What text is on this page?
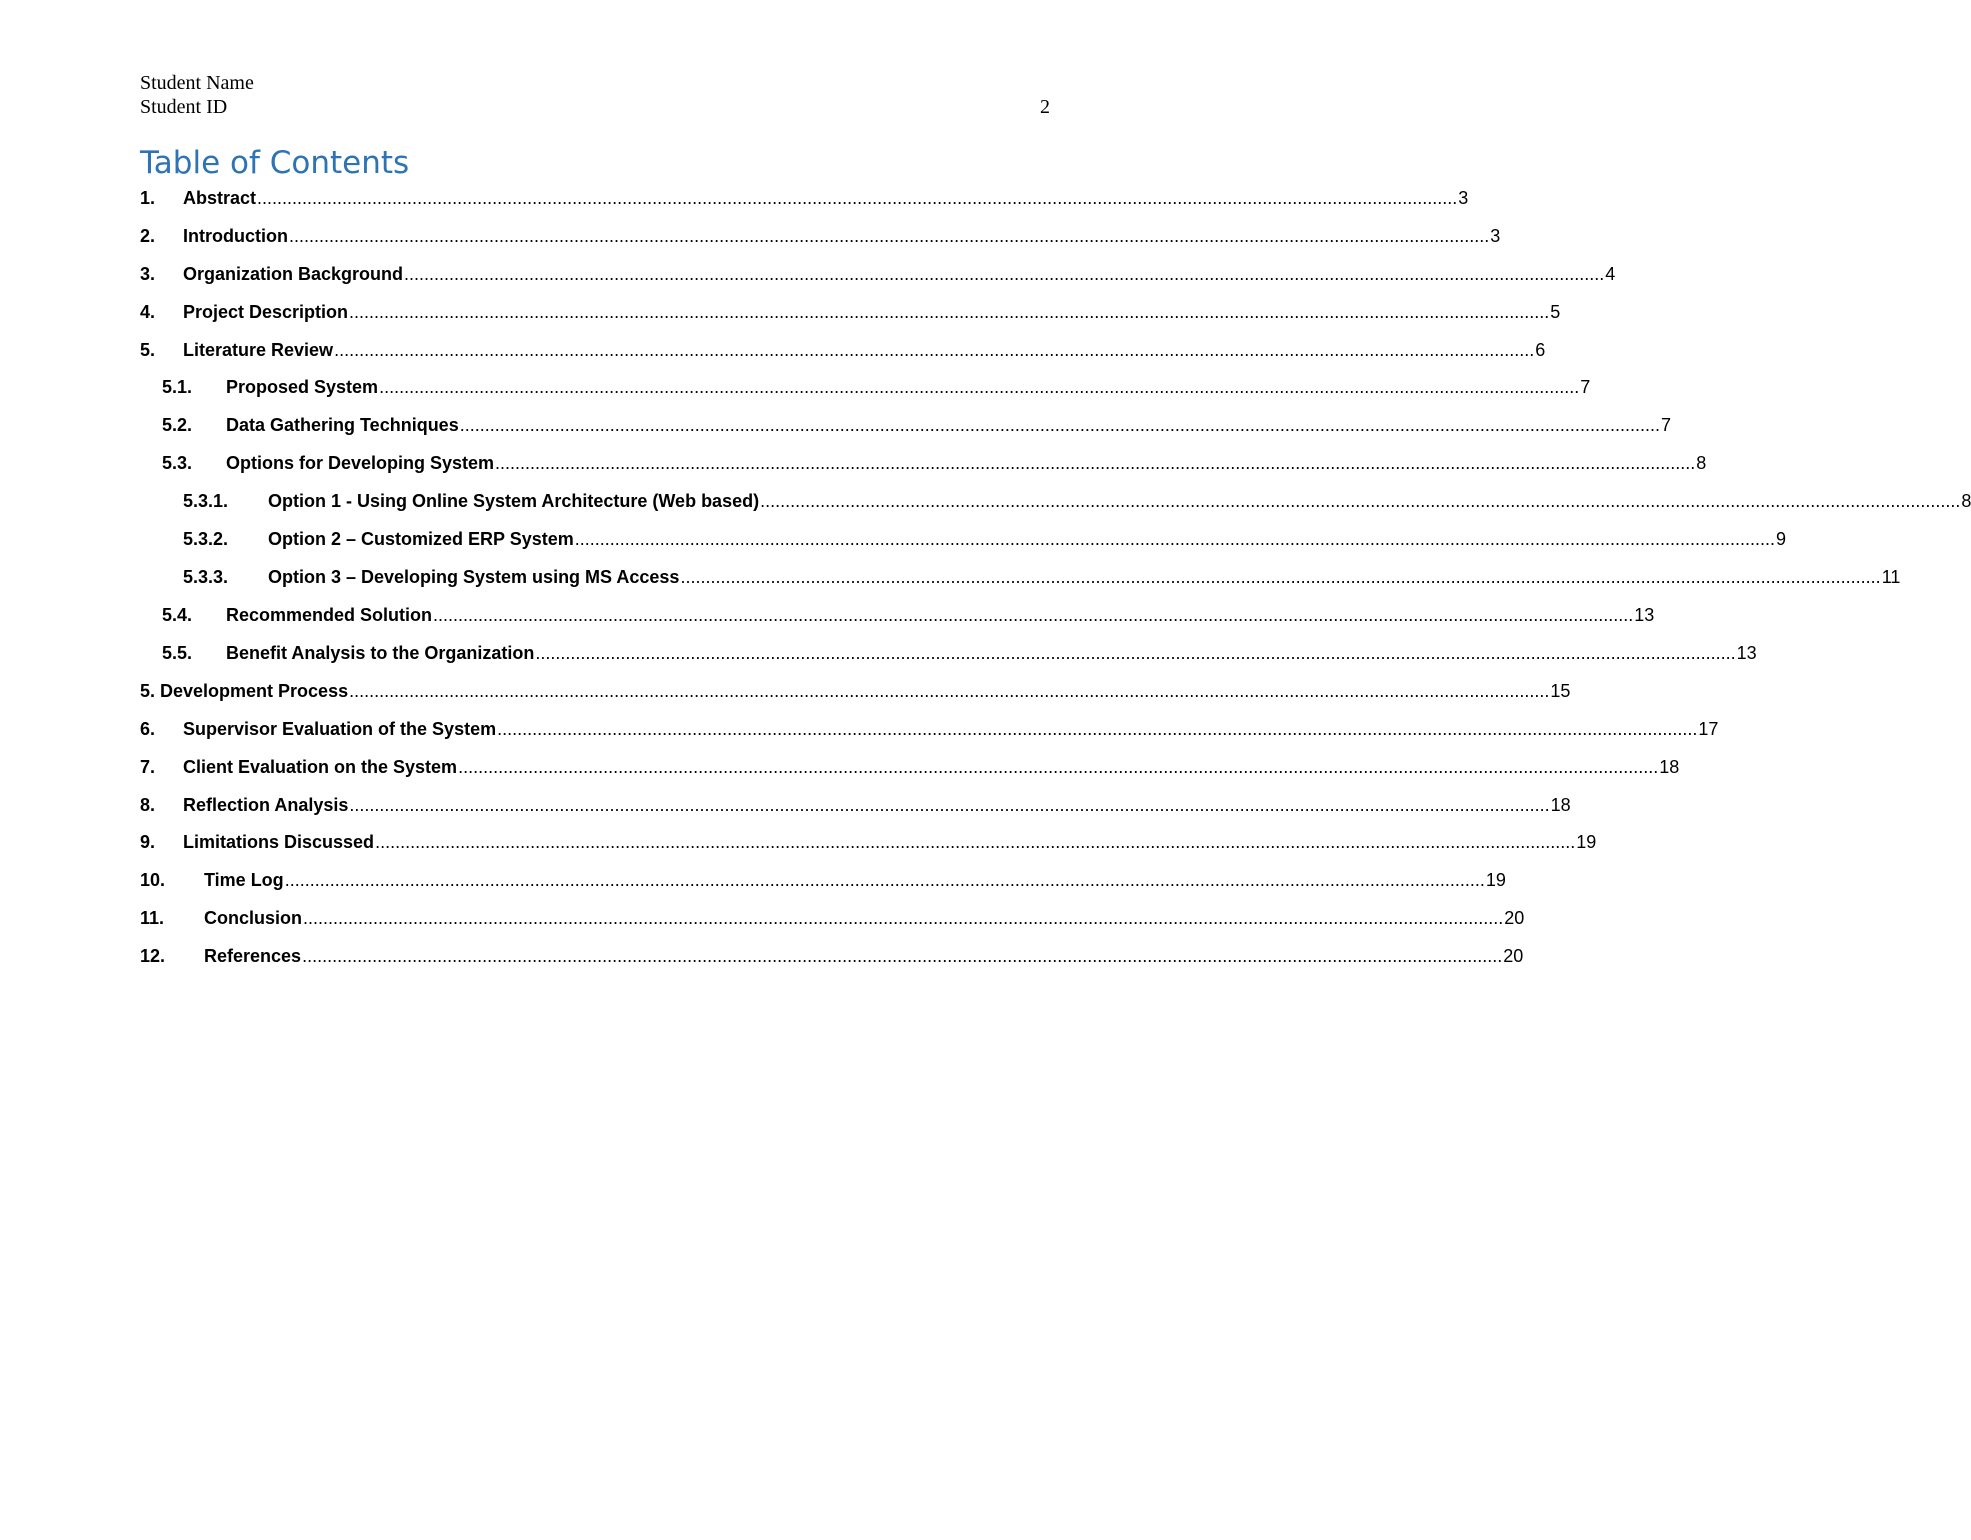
Student Name
Student ID	2
Table of Contents
1.	Abstract ................................................................................................................................................................................................................................................ 3
2.	Introduction ................................................................................................................................................................................................................................................ 3
3.	Organization Background ................................................................................................................................................................................................................................................ 4
4.	Project Description ................................................................................................................................................................................................................................................ 5
5.	Literature Review ................................................................................................................................................................................................................................................ 6
5.1.	Proposed System ................................................................................................................................................................................................................................................ 7
5.2.	Data Gathering Techniques ................................................................................................................................................................................................................................................ 7
5.3.	Options for Developing System ................................................................................................................................................................................................................................................ 8
5.3.1.	Option 1 - Using Online System Architecture (Web based) ................................................................................................................................................................................................................................................ 8
5.3.2.	Option 2 – Customized ERP System ................................................................................................................................................................................................................................................ 9
5.3.3.	Option 3 – Developing System using MS Access ................................................................................................................................................................................................................................................ 11
5.4.	Recommended Solution ................................................................................................................................................................................................................................................ 13
5.5.	Benefit Analysis to the Organization ................................................................................................................................................................................................................................................ 13
5. Development Process ................................................................................................................................................................................................................................................ 15
6.	Supervisor Evaluation of the System ................................................................................................................................................................................................................................................ 17
7.	Client Evaluation on the System ................................................................................................................................................................................................................................................ 18
8.	Reflection Analysis ................................................................................................................................................................................................................................................ 18
9.	Limitations Discussed ................................................................................................................................................................................................................................................ 19
10.	Time Log ................................................................................................................................................................................................................................................ 19
11.	Conclusion ................................................................................................................................................................................................................................................ 20
12.	References ................................................................................................................................................................................................................................................ 20
